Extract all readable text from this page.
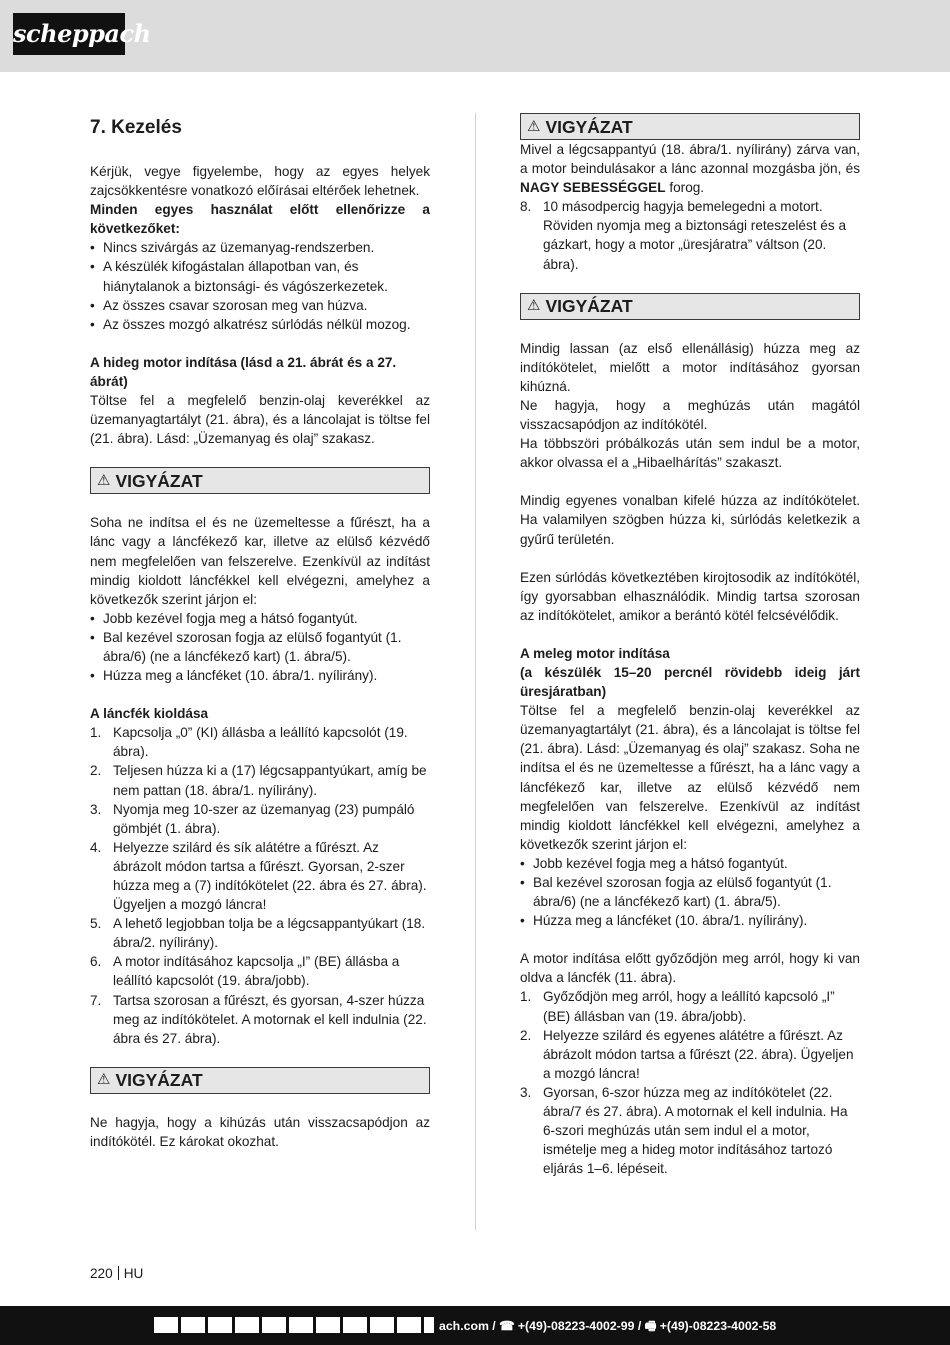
scheppach
7. Kezelés

Kérjük, vegye figyelembe, hogy az egyes helyek zajcsökkentésre vonatkozó előírásai eltérőek lehetnek.

Minden egyes használat előtt ellenőrizze a következőket:

• Nincs szivárgás az üzemanyag-rendszerben.
• A készülék kifogástalan állapotban van, és hiánytalanok a biztonsági- és vágószerkezetek.
• Az összes csavar szorosan meg van húzva.
• Az összes mozgó alkatrész súrlódás nélkül mozog.

A hideg motor indítása (lásd a 21. ábrát és a 27. ábrát)

Töltse fel a megfelelő benzin-olaj keverékkel az üzemanyagtartályt (21. ábra), és a láncolajat is töltse fel (21. ábra). Lásd: „Üzemanyag és olaj” szakasz.

⚠ VIGYÁZAT

Soha ne indítsa el és ne üzemeltesse a fűrészt, ha a lánc vagy a láncfékező kar, illetve az elülső kézvédő nem megfelelően van felszerelve. Ezenkívül az indítást mindig kioldott láncfékkel kell elvégezni, amelyhez a következők szerint járjon el:

• Jobb kezével fogja meg a hátsó fogantyút.
• Bal kezével szorosan fogja az elülső fogantyút (1. ábra/6) (ne a láncfékező kart) (1. ábra/5).
• Húzza meg a láncféket (10. ábra/1. nyílirány).

A láncfék kioldása

1. Kapcsolja „0” (KI) állásba a leállító kapcsolót (19. ábra).
2. Teljesen húzza ki a (17) légcsappantyúkart, amíg be nem pattan (18. ábra/1. nyílirány).
3. Nyomja meg 10-szer az üzemanyag (23) pumpáló gömbjét (1. ábra).
4. Helyezze szilárd és sík alátétre a fűrészt. Az ábrázolt módon tartsa a fűrészt. Gyorsan, 2-szer húzza meg a (7) indítókötelet (22. ábra és 27. ábra). Ügyeljen a mozgó láncra!
5. A lehető legjobban tolja be a légcsappantyúkart (18. ábra/2. nyílirány).
6. A motor indításához kapcsolja „I” (BE) állásba a leállító kapcsolót (19. ábra/jobb).
7. Tartsa szorosan a fűrészt, és gyorsan, 4-szer húzza meg az indítókötelet. A motornak el kell indulnia (22. ábra és 27. ábra).
⚠ VIGYÁZAT

Ne hagyja, hogy a kihúzás után visszacsapódjon az indítókötél. Ez károkat okozhat.

⚠ VIGYÁZAT

Mivel a légcsappantyú (18. ábra/1. nyílirány) zárva van, a motor beindulásakor a lánc azonnal mozgásba jön, és NAGY SEBESSÉGGEL forog.

8. 10 másodpercig hagyja bemelegedni a motort. Röviden nyomja meg a biztonsági reteszelést és a gázkart, hogy a motor „üresjáratra” váltson (20. ábra).
⚠ VIGYÁZAT

Mindig lassan (az első ellenállásig) húzza meg az indítókötelet, mielőtt a motor indításához gyorsan kihúzná.

Ne hagyja, hogy a meghúzás után magától visszacsapódjon az indítókötél.

Ha többszöri próbálkozás után sem indul be a motor, akkor olvassa el a „Hibaelhárítás” szakaszt.

Mindig egyenes vonalban kifelé húzza az indítókötelet. Ha valamilyen szögben húzza ki, súrlódás keletkezik a gyűrű területén.

Ezen súrlódás következtében kirojtosodik az indítókötél, így gyorsabban elhasználódik. Mindig tartsa szorosan az indítókötelet, amikor a berántó kötél felcsévélődik.

A meleg motor indítása

(a készülék 15–20 percnél rövidebb ideig járt üresjáratban)

Töltse fel a megfelelő benzin-olaj keverékkel az üzemanyagtartályt (21. ábra), és a láncolajat is töltse fel (21. ábra). Lásd: „Üzemanyag és olaj” szakasz. Soha ne indítsa el és ne üzemeltesse a fűrészt, ha a lánc vagy a láncfékező kar, illetve az elülső kézvédő nem megfelelően van felszerelve. Ezenkívül az indítást mindig kioldott láncfékkel kell elvégezni, amelyhez a következők szerint járjon el:

• Jobb kezével fogja meg a hátsó fogantyút.
• Bal kezével szorosan fogja az elülső fogantyút (1. ábra/6) (ne a láncfékező kart) (1. ábra/5).
• Húzza meg a láncféket (10. ábra/1. nyílirány).

A motor indítása előtt győződjön meg arról, hogy ki van oldva a láncfék (11. ábra).

1. Győződjön meg arról, hogy a leállító kapcsoló „I” (BE) állásban van (19. ábra/jobb).
2. Helyezze szilárd és egyenes alátétre a fűrészt. Az ábrázolt módon tartsa a fűrészt (22. ábra). Ügyeljen a mozgó láncra!
3. Gyorsan, 6-szor húzza meg az indítókötelet (22. ábra/7 és 27. ábra). A motornak el kell indulnia. Ha 6-szori meghúzás után sem indul el a motor, ismételje meg a hideg motor indításához tartozó eljárás 1–6. lépéseit.
220 HU
ach.com / ☎ +(49)-08223-4002-99 / 🖷 +(49)-08223-4002-58
